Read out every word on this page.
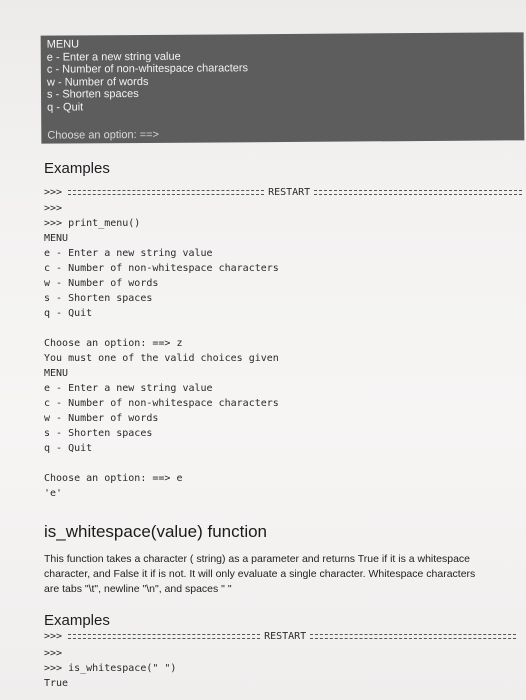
MENU
e - Enter a new string value
c - Number of non-whitespace characters
w - Number of words
s - Shorten spaces
q - Quit
Choose an option: ==>
Examples
>>>	RESTART
>>>
>>> print_menu()
MENU
e - Enter a new string value
c - Number of non-whitespace characters
w - Number of words
s - Shorten spaces
q - Quit
Choose an option: ==> z
You must one of the valid choices given
MENU
e - Enter a new string value
c - Number of non-whitespace characters
w - Number of words
s - Shorten spaces
q - Quit
Choose an option: ==> e
'e'
is_whitespace(value) function
This function takes a character ( string) as a parameter and returns True if it is a whitespace
character, and False it if is not. It will only evaluate a single character. Whitespace characters
are tabs "\t", newline "\n", and spaces " "
Examples
>>>	RESTART
>>>
>>> is_whitespace(" ")
True
